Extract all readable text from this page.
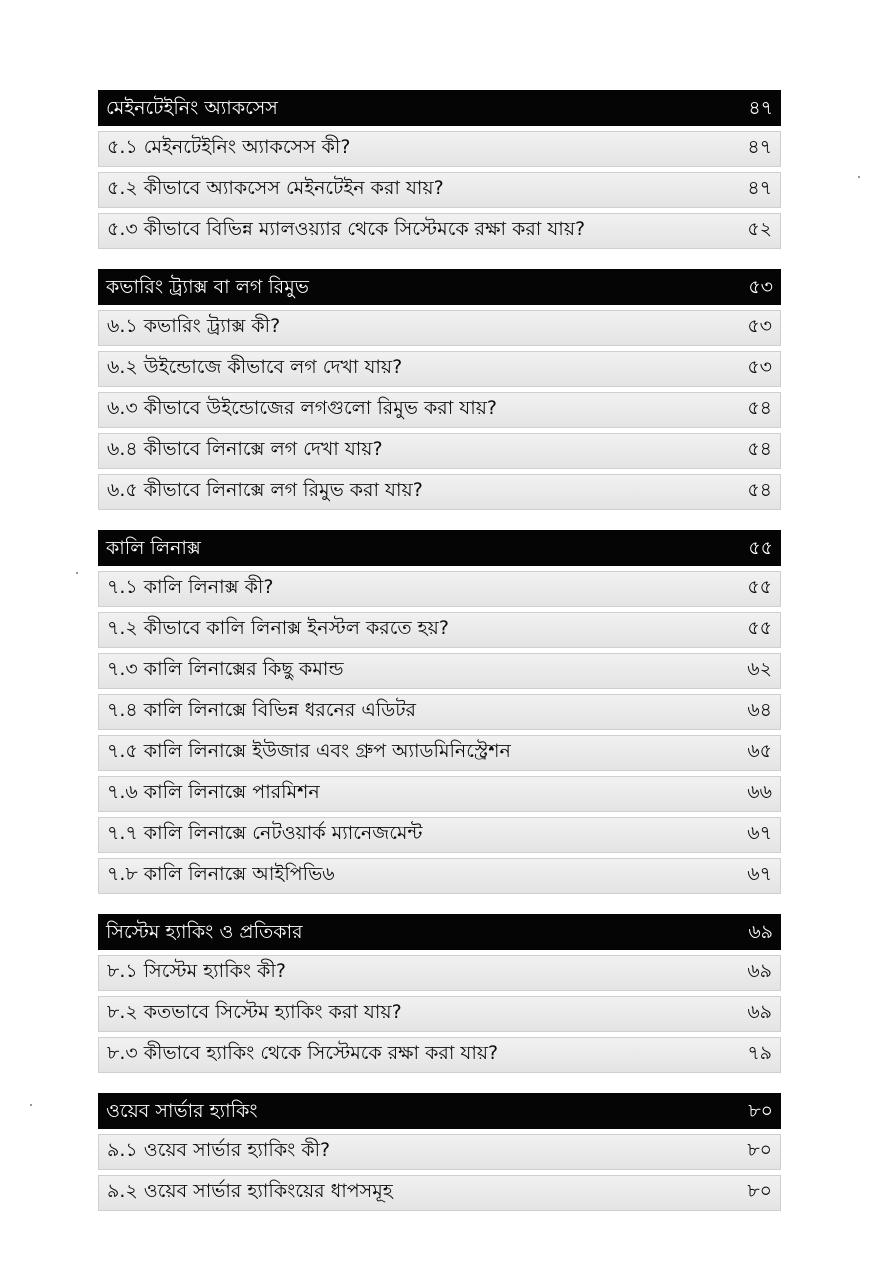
মেইনটেইনিং অ্যাকসেস	৪৭
৫.১ মেইনটেইনিং অ্যাকসেস কী?	৪৭
৫.২ কীভাবে অ্যাকসেস মেইনটেইন করা যায়?	৪৭
৫.৩ কীভাবে বিভিন্ন ম্যালওয়্যার থেকে সিস্টেমকে রক্ষা করা যায়?	৫২
কভারিং ট্র্যাক্স বা লগ রিমুভ	৫৩
৬.১ কভারিং ট্র্যাক্স কী?	৫৩
৬.২ উইন্ডোজে কীভাবে লগ দেখা যায়?	৫৩
৬.৩ কীভাবে উইন্ডোজের লগগুলো রিমুভ করা যায়?	৫৪
৬.৪ কীভাবে লিনাক্সে লগ দেখা যায়?	৫৪
৬.৫ কীভাবে লিনাক্সে লগ রিমুভ করা যায়?	৫৪
কালি লিনাক্স	৫৫
৭.১ কালি লিনাক্স কী?	৫৫
৭.২ কীভাবে কালি লিনাক্স ইনস্টল করতে হয়?	৫৫
৭.৩ কালি লিনাক্সের কিছু কমান্ড	৬২
৭.৪ কালি লিনাক্সে বিভিন্ন ধরনের এডিটর	৬৪
৭.৫ কালি লিনাক্সে ইউজার এবং গ্রুপ অ্যাডমিনিস্ট্রেশন	৬৫
৭.৬ কালি লিনাক্সে পারমিশন	৬৬
৭.৭ কালি লিনাক্সে নেটওয়ার্ক ম্যানেজমেন্ট	৬৭
৭.৮ কালি লিনাক্সে আইপিভি৬	৬৭
সিস্টেম হ্যাকিং ও প্রতিকার	৬৯
৮.১ সিস্টেম হ্যাকিং কী?	৬৯
৮.২ কতভাবে সিস্টেম হ্যাকিং করা যায়?	৬৯
৮.৩ কীভাবে হ্যাকিং থেকে সিস্টেমকে রক্ষা করা যায়?	৭৯
ওয়েব সার্ভার হ্যাকিং	৮০
৯.১ ওয়েব সার্ভার হ্যাকিং কী?	৮০
৯.২ ওয়েব সার্ভার হ্যাকিংয়ের ধাপসমূহ	৮০
